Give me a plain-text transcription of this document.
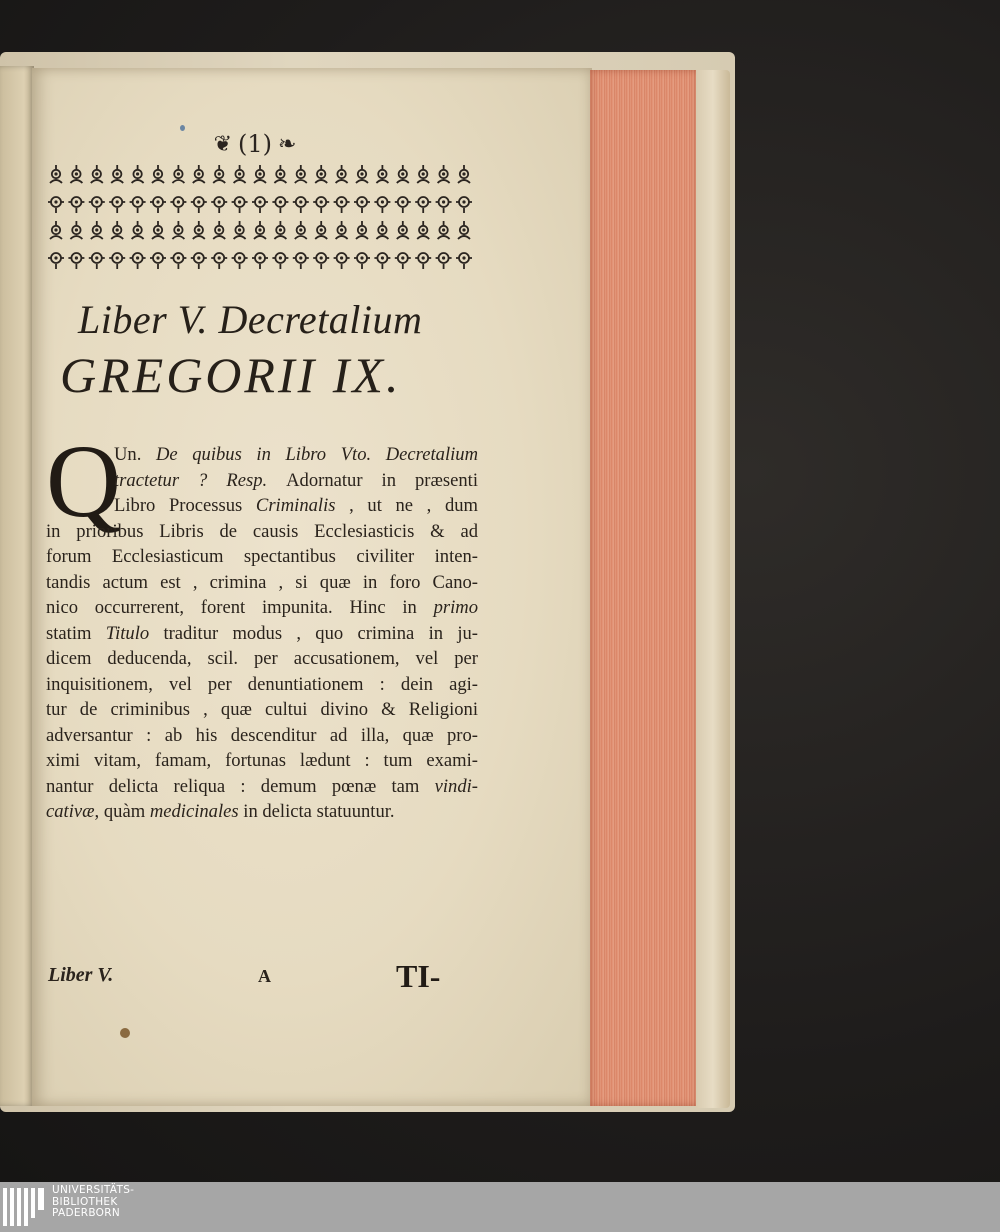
❦ (1) ❧
Liber V. Decretalium
GREGORII IX.
Q
Un. De quibus in Libro Vto. Decretalium
tractetur ? Resp. Adornatur in præsenti
Libro Processus Criminalis , ut ne , dum
in prioribus Libris de causis Ecclesiasticis & ad
forum Ecclesiasticum spectantibus civiliter inten-
tandis actum est , crimina , si quæ in foro Cano-
nico occurrerent, forent impunita. Hinc in primo
statim Titulo traditur modus , quo crimina in ju-
dicem deducenda, scil. per accusationem, vel per
inquisitionem, vel per denuntiationem : dein agi-
tur de criminibus , quæ cultui divino & Religioni
adversantur : ab his descenditur ad illa, quæ pro-
ximi vitam, famam, fortunas lædunt : tum exami-
nantur delicta reliqua : demum pœnæ tam vindi-
cativæ, quàm medicinales in delicta statuuntur.
Liber V.	A	TI-
UNIVERSITÄTS-
BIBLIOTHEK
PADERBORN
